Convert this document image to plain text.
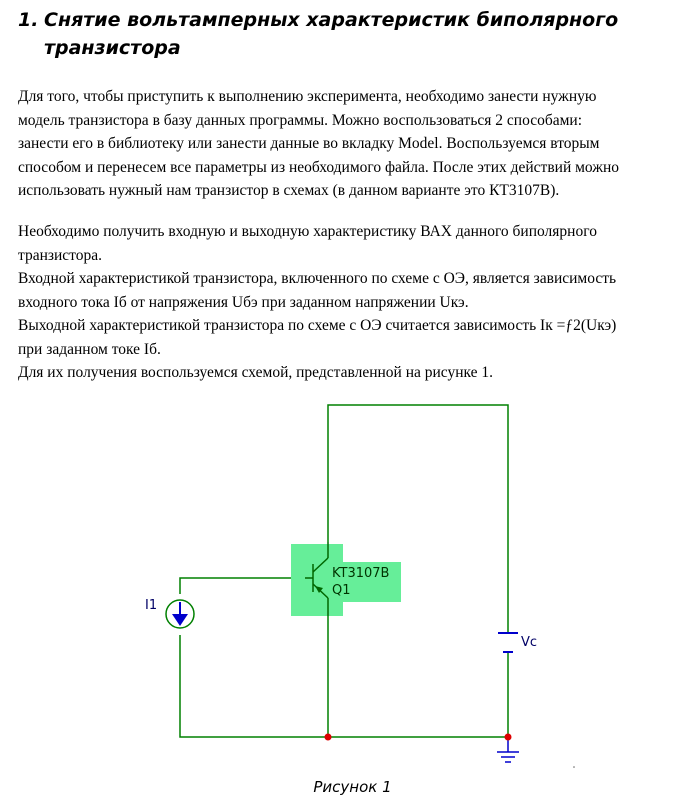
1. Снятие вольтамперных характеристик биполярного
транзистора
Для того, чтобы приступить к выполнению эксперимента, необходимо занести нужную
модель транзистора в базу данных программы. Можно воспользоваться 2 способами:
занести его в библиотеку или занести данные во вкладку Model. Воспользуемся вторым
способом и перенесем все параметры из необходимого файла. После этих действий можно
использовать нужный нам транзистор в схемах (в данном варианте это КТ3107В).
Необходимо получить входную и выходную характеристику ВАХ данного биполярного
транзистора.
Входной характеристикой транзистора, включенного по схеме с ОЭ, является зависимость
входного тока Iб от напряжения Uбэ при заданном напряжении Uкэ.
Выходной характеристикой транзистора по схеме с ОЭ считается зависимость Iк =ƒ2(Uкэ)
при заданном токе Iб.
Для их получения воспользуемся схемой, представленной на рисунке 1.
KT3107B
Q1
I1
Vc
Рисунок 1
